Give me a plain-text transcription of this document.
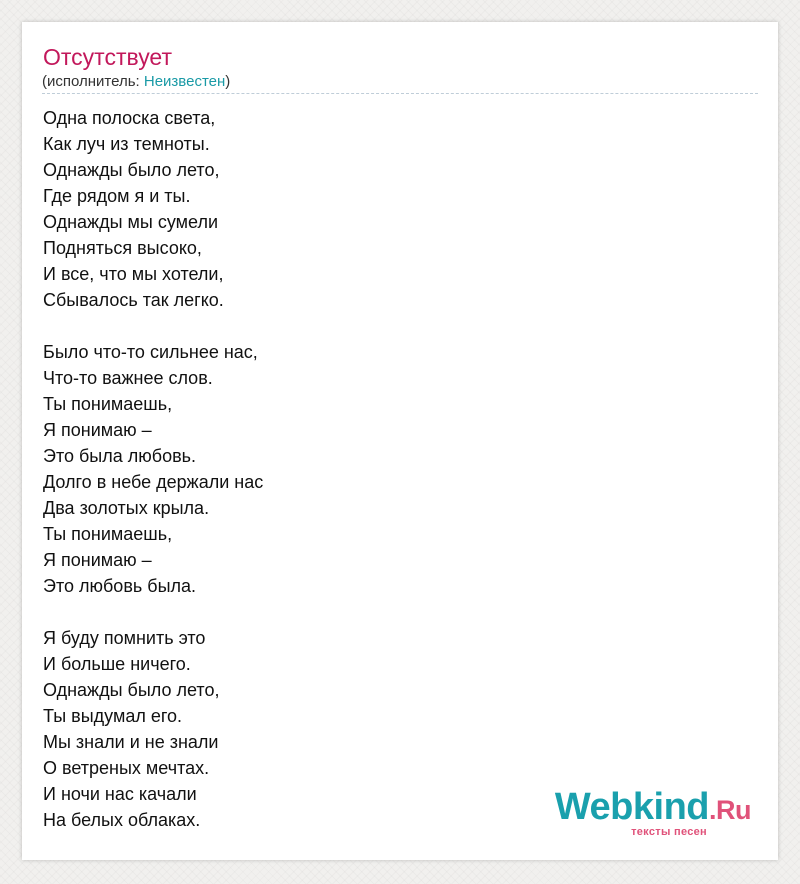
Отсутствует
(исполнитель: Неизвестен)
Одна полоска света,
Как луч из темноты.
Однажды было лето,
Где рядом я и ты.
Однажды мы сумели
Подняться высоко,
И все, что мы хотели,
Сбывалось так легко.
Было что-то сильнее нас,
Что-то важнее слов.
Ты понимаешь,
Я понимаю –
Это была любовь.
Долго в небе держали нас
Два золотых крыла.
Ты понимаешь,
Я понимаю –
Это любовь была.
Я буду помнить это
И больше ничего.
Однажды было лето,
Ты выдумал его.
Мы знали и не знали
О ветреных мечтах.
И ночи нас качали
На белых облаках.	Webkind.Ru
тексты песен
